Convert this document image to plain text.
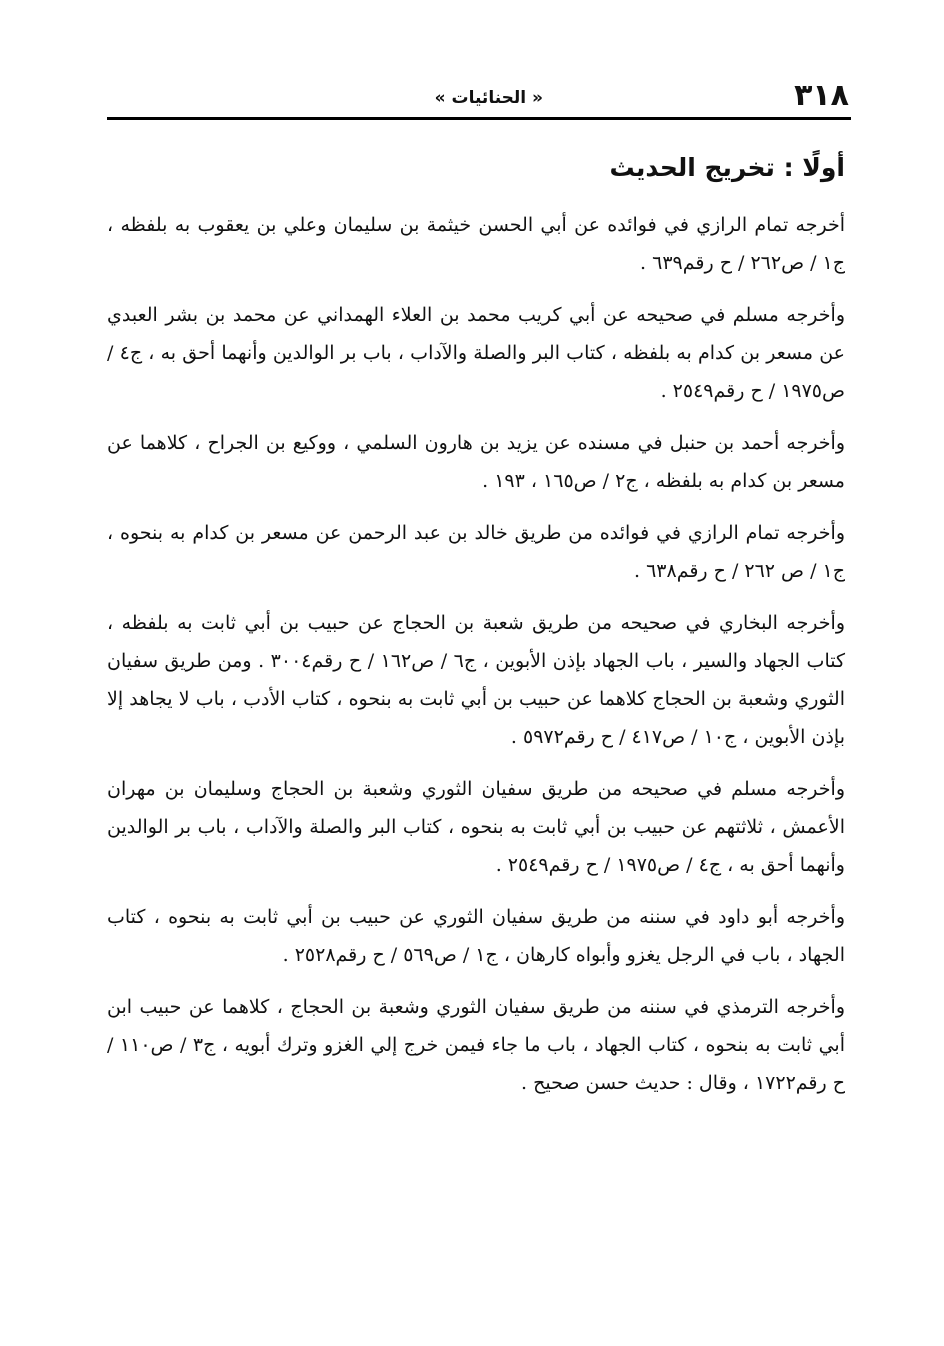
٣١٨
« الحنائيات »
أولًا : تخريج الحديث

أخرجه تمام الرازي في فوائده عن أبي الحسن خيثمة بن سليمان وعلي بن يعقوب به بلفظه ، ج١ / ص٢٦٢ / ح رقم٦٣٩ .

وأخرجه مسلم في صحيحه عن أبي كريب محمد بن العلاء الهمداني عن محمد بن بشر العبدي عن مسعر بن كدام به بلفظه ، كتاب البر والصلة والآداب ، باب بر الوالدين وأنهما أحق به ، ج٤ / ص١٩٧٥ / ح رقم٢٥٤٩ .

وأخرجه أحمد بن حنبل في مسنده عن يزيد بن هارون السلمي ، ووكيع بن الجراح ، كلاهما عن مسعر بن كدام به بلفظه ، ج٢ / ص١٦٥ ، ١٩٣ .

وأخرجه تمام الرازي في فوائده من طريق خالد بن عبد الرحمن عن مسعر بن كدام به بنحوه ، ج١ / ص ٢٦٢ / ح رقم٦٣٨ .

وأخرجه البخاري في صحيحه من طريق شعبة بن الحجاج عن حبيب بن أبي ثابت به بلفظه ، كتاب الجهاد والسير ، باب الجهاد بإذن الأبوين ، ج٦ / ص١٦٢ / ح رقم٣٠٠٤ . ومن طريق سفيان الثوري وشعبة بن الحجاج كلاهما عن حبيب بن أبي ثابت به بنحوه ، كتاب الأدب ، باب لا يجاهد إلا بإذن الأبوين ، ج١٠ / ص٤١٧ / ح رقم٥٩٧٢ .

وأخرجه مسلم في صحيحه من طريق سفيان الثوري وشعبة بن الحجاج وسليمان بن مهران الأعمش ، ثلاثتهم عن حبيب بن أبي ثابت به بنحوه ، كتاب البر والصلة والآداب ، باب بر الوالدين وأنهما أحق به ، ج٤ / ص١٩٧٥ / ح رقم٢٥٤٩ .

وأخرجه أبو داود في سننه من طريق سفيان الثوري عن حبيب بن أبي ثابت به بنحوه ، كتاب الجهاد ، باب في الرجل يغزو وأبواه كارهان ، ج١ / ص٥٦٩ / ح رقم٢٥٢٨ .

وأخرجه الترمذي في سننه من طريق سفيان الثوري وشعبة بن الحجاج ، كلاهما عن حبيب ابن أبي ثابت به بنحوه ، كتاب الجهاد ، باب ما جاء فيمن خرج إلي الغزو وترك أبويه ، ج٣ / ص١١٠ / ح رقم١٧٢٢ ، وقال : حديث حسن صحيح .
